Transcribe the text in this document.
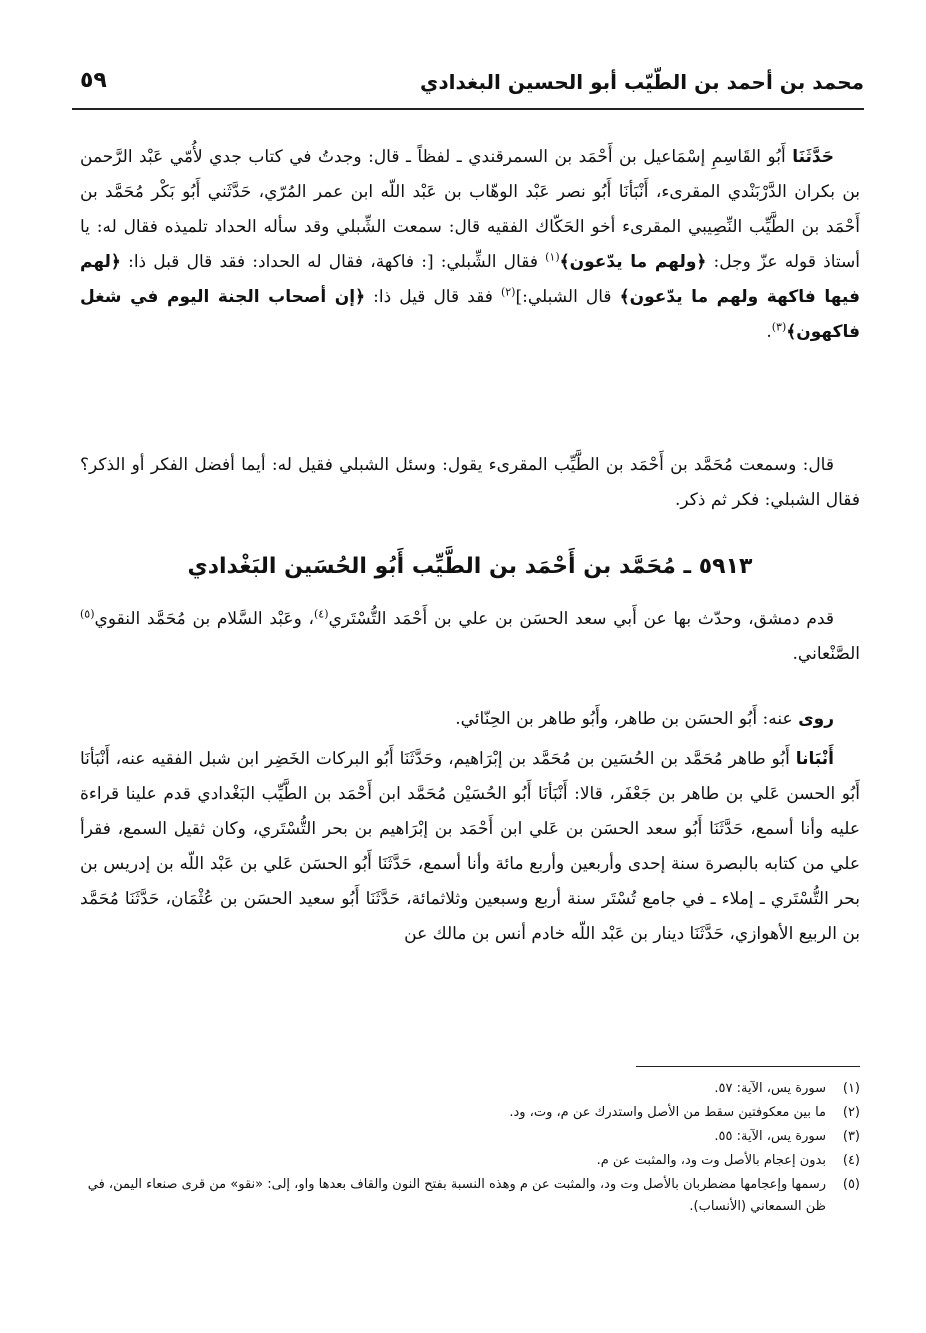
محمد بن أحمد بن الطّيّب أبو الحسين البغدادي
٥٩

حَدَّثَنَا أَبُو القَاسِمِ إسْمَاعيل بن أَحْمَد بن السمرقندي ـ لفظاً ـ قال: وجدتُ في كتاب جدي لأُمّي عَبْد الرَّحمن بن بكران الدَّرْبَنْدي المقرىء، أَنْبَأنَا أَبُو نصر عَبْد الوهّاب بن عَبْد اللّه ابن عمر المُرّي، حَدَّثَني أَبُو بَكْر مُحَمَّد بن أَحْمَد بن الطَّيِّب النِّصِيبي المقرىء أخو الحَكّاك الفقيه قال: سمعت الشِّبلي وقد سأله الحداد تلميذه فقال له: يا أستاذ قوله عزّ وجل: ﴿ولهم ما يدّعون﴾$^{(١)}$ فقال الشِّبلي: [: فاكهة، فقال له الحداد: فقد قال قبل ذا: ﴿لهم فيها فاكهة ولهم ما يدّعون﴾ قال الشبلي:]$^{(٢)}$ فقد قال قيل ذا: ﴿إن أصحاب الجنة اليوم في شغل فاكهون﴾$^{(٣)}$.

قال: وسمعت مُحَمَّد بن أَحْمَد بن الطَّيِّب المقرىء يقول: وسئل الشبلي فقيل له: أيما أفضل الفكر أو الذكر؟ فقال الشبلي: فكر ثم ذكر.

٥٩١٣ ـ مُحَمَّد بن أَحْمَد بن الطَّيِّب أَبُو الحُسَين البَغْدادي

قدم دمشق، وحدّث بها عن أَبي سعد الحسَن بن علي بن أَحْمَد التُّسْتَري$^{(٤)}$، وعَبْد السَّلام بن مُحَمَّد النقوي$^{(٥)}$ الصَّنْعاني.

روى عنه: أَبُو الحسَن بن طاهر، وأَبُو طاهر بن الحِنّائي.

أَنْبَانا أَبُو طاهر مُحَمَّد بن الحُسَين بن مُحَمَّد بن إبْرَاهيم، وحَدَّثَنَا أَبُو البركات الخَضِر ابن شبل الفقيه عنه، أَنْبَأنَا أَبُو الحسن عَلي بن طاهر بن جَعْفَر، قالا: أَنْبَأنَا أَبُو الحُسَيْن مُحَمَّد ابن أَحْمَد بن الطَّيِّب البَغْدادي قدم علينا قراءة عليه وأنا أسمع، حَدَّثَنَا أَبُو سعد الحسَن بن عَلي ابن أَحْمَد بن إبْرَاهيم بن بحر التُّسْتَري، وكان ثقيل السمع، فقرأ علي من كتابه بالبصرة سنة إحدى وأربعين وأربع مائة وأنا أسمع، حَدَّثَنَا أَبُو الحسَن عَلي بن عَبْد اللّه بن إدريس بن بحر التُّسْتَري ـ إملاء ـ في جامع تُسْتَر سنة أربع وسبعين وثلاثمائة، حَدَّثَنَا أَبُو سعيد الحسَن بن عُثْمَان، حَدَّثَنَا مُحَمَّد بن الربيع الأهوازي، حَدَّثَنَا دينار بن عَبْد اللّه خادم أنس بن مالك عن

(١)
سورة يس، الآية: ٥٧.
(٢)
ما بين معكوفتين سقط من الأصل واستدرك عن م، وت، ود.
(٣)
سورة يس، الآية: ٥٥.
(٤)
بدون إعجام بالأصل وت ود، والمثبت عن م.
(٥)
رسمها وإعجامها مضطربان بالأصل وت ود، والمثبت عن م وهذه النسبة بفتح النون والقاف بعدها واو، إلى: «نقو» من قرى صنعاء اليمن، في ظن السمعاني (الأنساب).
